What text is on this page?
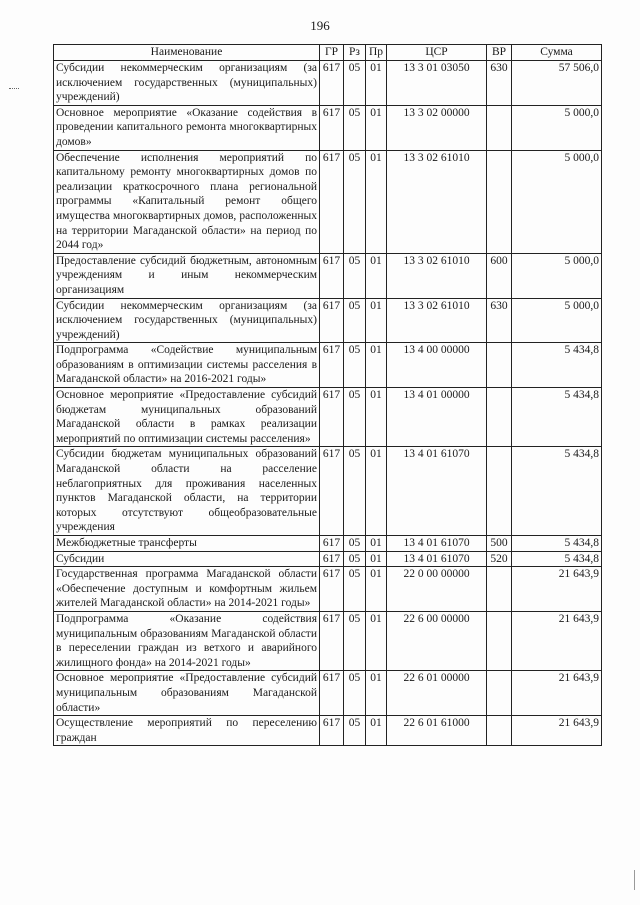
196
Наименование	ГР	Рз	Пр	ЦСР	ВР	Сумма
Субсидии некоммерческим организациям (за исключением государственных (муниципальных) учреждений)	617	05	01	13 3 01 03050	630	57 506,0
Основное мероприятие «Оказание содействия в проведении капитального ремонта многоквартирных домов»	617	05	01	13 3 02 00000		5 000,0
Обеспечение исполнения мероприятий по капитальному ремонту многоквартирных домов по реализации краткосрочного плана региональной программы «Капитальный ремонт общего имущества многоквартирных домов, расположенных на территории Магаданской области» на период по 2044 год»	617	05	01	13 3 02 61010		5 000,0
Предоставление субсидий бюджетным, автономным учреждениям и иным некоммерческим организациям	617	05	01	13 3 02 61010	600	5 000,0
Субсидии некоммерческим организациям (за исключением государственных (муниципальных) учреждений)	617	05	01	13 3 02 61010	630	5 000,0
Подпрограмма «Содействие муниципальным образованиям в оптимизации системы расселения в Магаданской области» на 2016-2021 годы»	617	05	01	13 4 00 00000		5 434,8
Основное мероприятие «Предоставление субсидий бюджетам муниципальных образований Магаданской области в рамках реализации мероприятий по оптимизации системы расселения»	617	05	01	13 4 01 00000		5 434,8
Субсидии бюджетам муниципальных образований Магаданской области на расселение неблагоприятных для проживания населенных пунктов Магаданской области, на территории которых отсутствуют общеобразовательные учреждения	617	05	01	13 4 01 61070		5 434,8
Межбюджетные трансферты	617	05	01	13 4 01 61070	500	5 434,8
Субсидии	617	05	01	13 4 01 61070	520	5 434,8
Государственная программа Магаданской области «Обеспечение доступным и комфортным жильем жителей Магаданской области» на 2014-2021 годы»	617	05	01	22 0 00 00000		21 643,9
Подпрограмма «Оказание содействия муниципальным образованиям Магаданской области в переселении граждан из ветхого и аварийного жилищного фонда» на 2014-2021 годы»	617	05	01	22 6 00 00000		21 643,9
Основное мероприятие «Предоставление субсидий муниципальным образованиям Магаданской области»	617	05	01	22 6 01 00000		21 643,9
Осуществление мероприятий по переселению граждан	617	05	01	22 6 01 61000		21 643,9
